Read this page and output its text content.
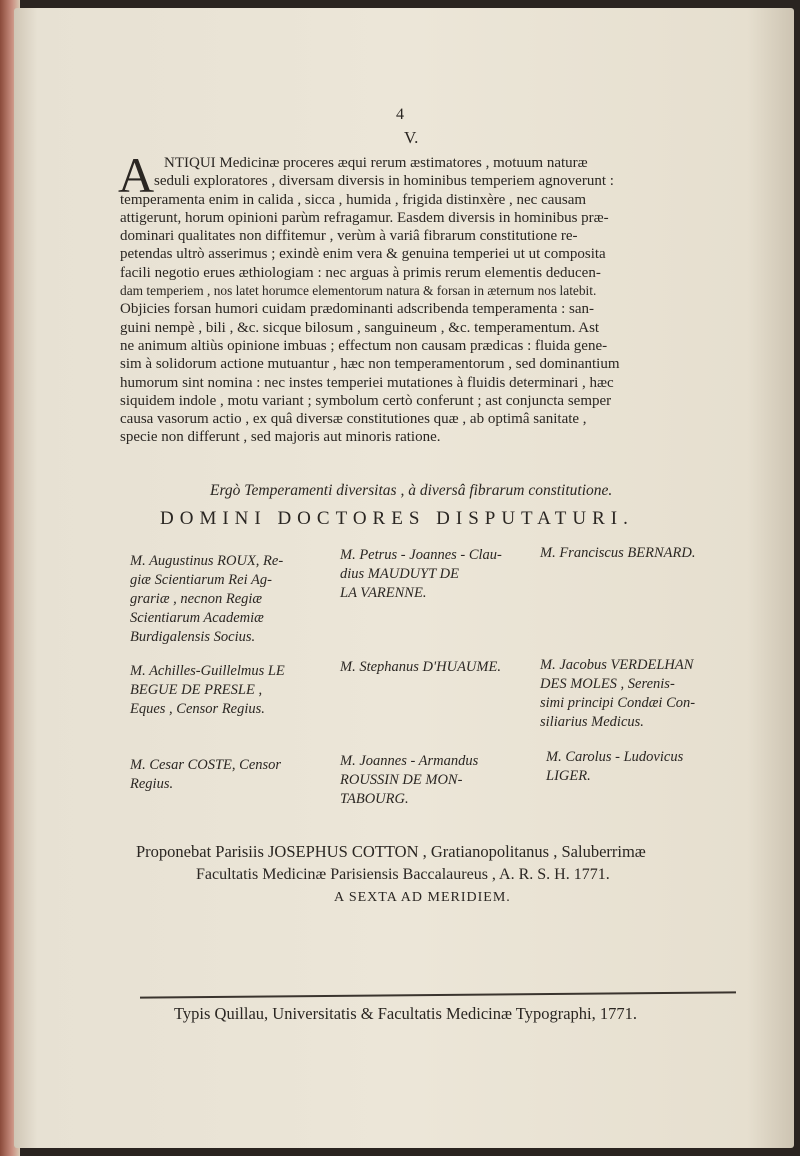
4
V.
A NTIQUI Medicinæ proceres æqui rerum æstimatores , motuum naturæ
seduli exploratores , diversam diversis in hominibus temperiem agnoverunt :
temperamenta enim in calida , sicca , humida , frigida distinxère , nec causam
attigerunt, horum opinioni parùm refragamur. Easdem diversis in hominibus præ-
dominari qualitates non diffitemur , verùm à variâ fibrarum constitutione re-
petendas ultrò asserimus ; exindè enim vera & genuina temperiei ut ut composita
facili negotio erues æthiologiam : nec arguas à primis rerum elementis deducen-
dam temperiem , nos latet horumce elementorum natura & forsan in æternum nos latebit.
Objicies forsan humori cuidam prædominanti adscribenda temperamenta : san-
guini nempè , bili , &c. sicque bilosum , sanguineum , &c. temperamentum. Ast
ne animum altiùs opinione imbuas ; effectum non causam prædicas : fluida gene-
sim à solidorum actione mutuantur , hæc non temperamentorum , sed dominantium
humorum sint nomina : nec instes temperiei mutationes à fluidis determinari , hæc
siquidem indole , motu variant ; symbolum certò conferunt ; ast conjuncta semper
causa vasorum actio , ex quâ diversæ constitutiones quæ , ab optimâ sanitate ,
specie non differunt , sed majoris aut minoris ratione.
Ergò Temperamenti diversitas , à diversâ fibrarum constitutione.
DOMINI DOCTORES DISPUTATURI.
M. Augustinus ROUX, Re-
giæ Scientiarum Rei Ag-
grariæ , necnon Regiæ
Scientiarum Academiæ
Burdigalensis Socius.
M. Petrus - Joannes - Clau-
dius MAUDUYT DE
LA VARENNE.
M. Franciscus BERNARD.
M. Achilles-Guillelmus LE
BEGUE DE PRESLE ,
Eques , Censor Regius.
M. Stephanus D'HUAUME.	M. Jacobus VERDELHAN
DES MOLES , Serenis-
simi principi Condæi Con-
siliarius Medicus.
M. Cesar COSTE, Censor
Regius.
M. Joannes - Armandus
ROUSSIN DE MON-
TABOURG.
M. Carolus - Ludovicus
LIGER.
Proponebat Parisiis JOSEPHUS COTTON , Gratianopolitanus , Saluberrimæ
Facultatis Medicinæ Parisiensis Baccalaureus , A. R. S. H. 1771.
A SEXTA AD MERIDIEM.
Typis Quillau, Universitatis & Facultatis Medicinæ Typographi, 1771.
